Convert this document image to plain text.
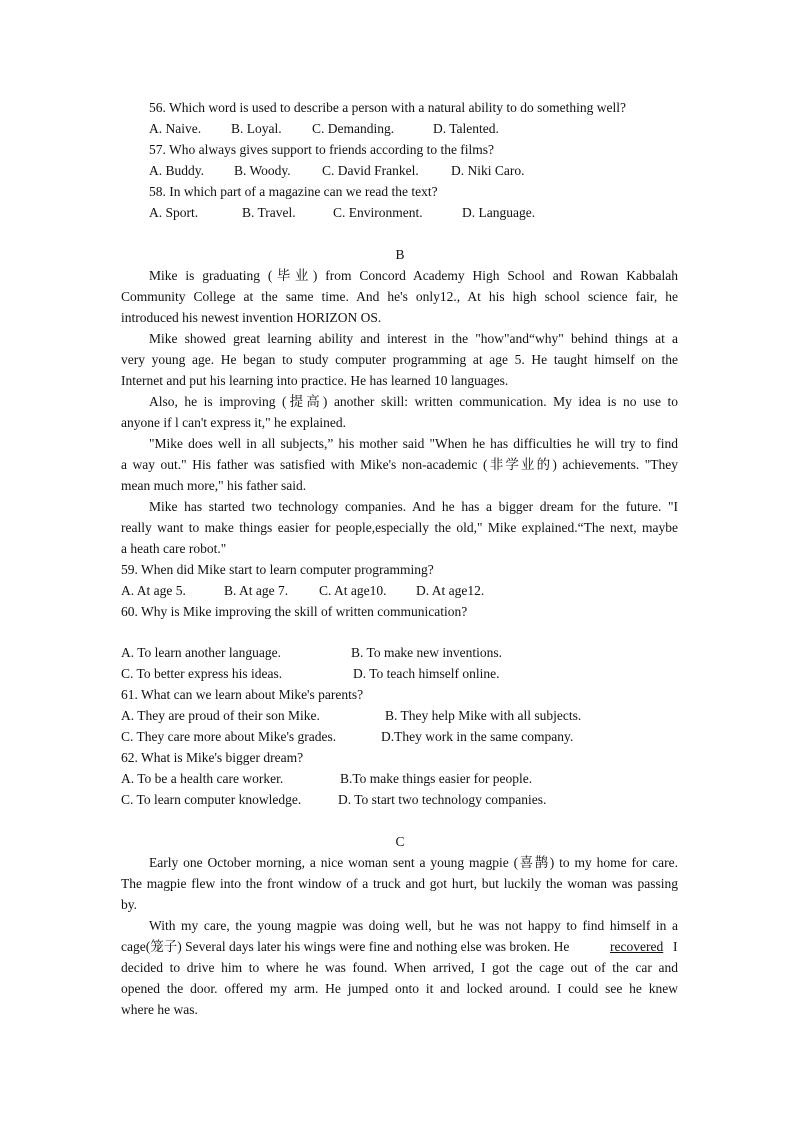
56. Which word is used to describe a person with a natural ability to do something well?
A. Naive. B. Loyal. C. Demanding.	D. Talented.
57. Who always gives support to friends according to the films?
A. Buddy. B. Woody. C. David Frankel. D. Niki Caro.
58. In which part of a magazine can we read the text?
A. Sport.	B. Travel.	C. Environment.	D. Language.
B
Mike is graduating (毕业) from Concord Academy High School and Rowan Kabbalah
Community College at the same time. And he's only12., At his high school science fair, he
introduced his newest invention HORIZON OS.
Mike showed great learning ability and interest in the "how"and“why" behind things at a
very young age. He began to study computer programming at age 5. He taught himself on the
Internet and put his learning into practice. He has learned 10 languages.
Also, he is improving (提高) another skill: written communication. My idea is no use to
anyone if l can't express it," he explained.
"Mike does well in all subjects,” his mother said "When he has difficulties he will try to find
a way out." His father was satisfied with Mike's non-academic (非学业的) achievements. "They
mean much more," his father said.
Mike has started two technology companies. And he has a bigger dream for the future. "I
really want to make things easier for people,especially the old," Mike explained.“The next, maybe
a heath care robot."
59. When did Mike start to learn computer programming?
A. At age 5.	B. At age 7. C. At age10. D. At age12.
60. Why is Mike improving the skill of written communication?
A. To learn another language.	B. To make new inventions.
C. To better express his ideas.	D. To teach himself online.
61. What can we learn about Mike's parents?
A. They are proud of their son Mike.	B. They help Mike with all subjects.
C. They care more about Mike's grades.	D.They work in the same company.
62. What is Mike's bigger dream?
A. To be a health care worker.	B.To make things easier for people.
C. To learn computer knowledge.	D. To start two technology companies.
C
Early one October morning, a nice woman sent a young magpie (喜鹊) to my home for care.
The magpie flew into the front window of a truck and got hurt, but luckily the woman was passing
by.
With my care, the young magpie was doing well, but he was not happy to find himself in a
cage(笼子) Several days later his wings were fine and nothing else was broken. He	recovered I
decided to drive him to where he was found. When arrived, I got the cage out of the car and
opened the door. offered my arm. He jumped onto it and locked around. I could see he knew
where he was.
